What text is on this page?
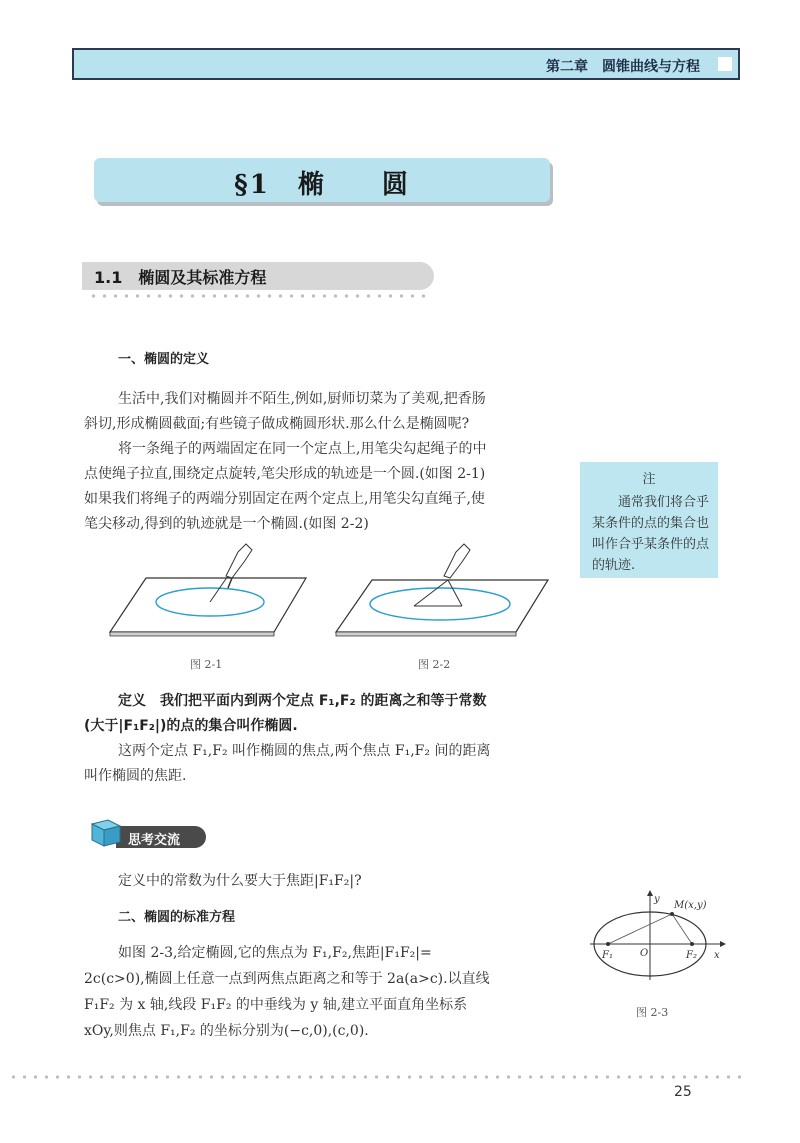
第二章　圆锥曲线与方程
§1　椭　　圆
1.1　椭圆及其标准方程
一、椭圆的定义
生活中,我们对椭圆并不陌生,例如,厨师切菜为了美观,把香肠
斜切,形成椭圆截面;有些镜子做成椭圆形状.那么什么是椭圆呢?
将一条绳子的两端固定在同一个定点上,用笔尖勾起绳子的中
点使绳子拉直,围绕定点旋转,笔尖形成的轨迹是一个圆.(如图 2-1)
如果我们将绳子的两端分别固定在两个定点上,用笔尖勾直绳子,使
笔尖移动,得到的轨迹就是一个椭圆.(如图 2-2)
注
通常我们将合乎某条件的点的集合也叫作合乎某条件的点的轨迹.
图 2-1	图 2-2
定义　我们把平面内到两个定点 F₁,F₂ 的距离之和等于常数
(大于|F₁F₂|)的点的集合叫作椭圆.
这两个定点 F₁,F₂ 叫作椭圆的焦点,两个焦点 F₁,F₂ 间的距离
叫作椭圆的焦距.
思考交流
定义中的常数为什么要大于焦距|F₁F₂|?
二、椭圆的标准方程
如图 2-3,给定椭圆,它的焦点为 F₁,F₂,焦距|F₁F₂|=
2c(c>0),椭圆上任意一点到两焦点距离之和等于 2a(a>c).以直线
F₁F₂ 为 x 轴,线段 F₁F₂ 的中垂线为 y 轴,建立平面直角坐标系
xOy,则焦点 F₁,F₂ 的坐标分别为(−c,0),(c,0).
y
x
M(x,y)
O
F₁	F₂
图 2-3
25
